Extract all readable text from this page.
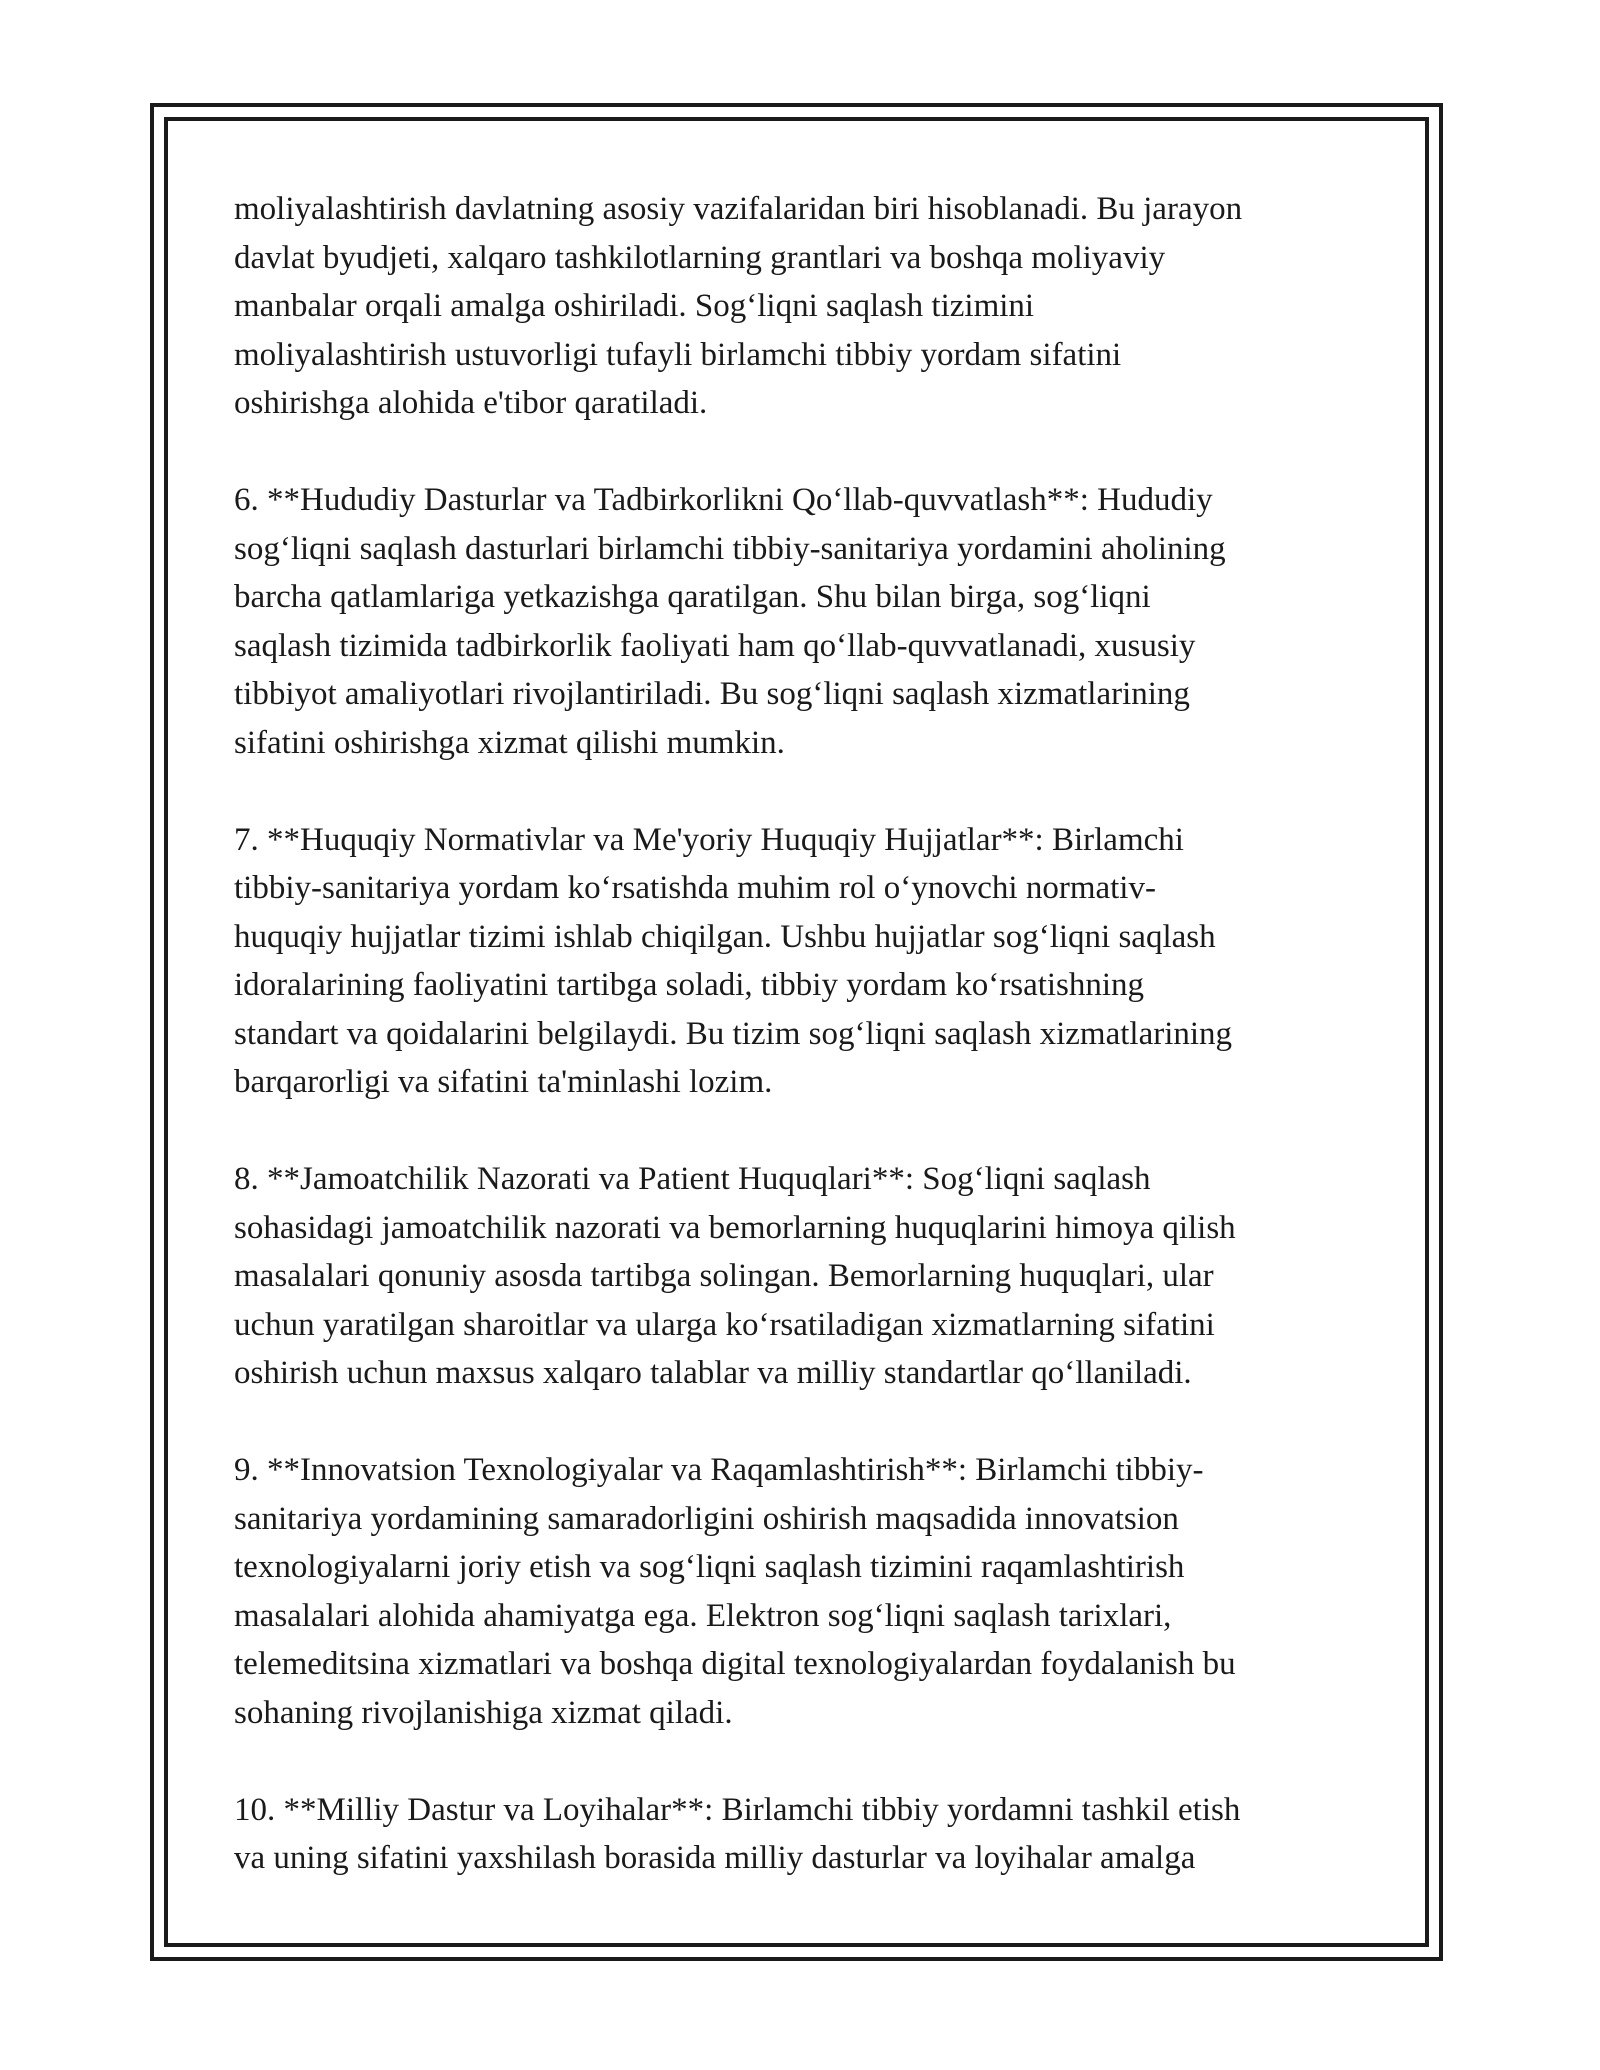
moliyalashtirish davlatning asosiy vazifalaridan biri hisoblanadi. Bu jarayon
davlat byudjeti, xalqaro tashkilotlarning grantlari va boshqa moliyaviy
manbalar orqali amalga oshiriladi. Sog‘liqni saqlash tizimini
moliyalashtirish ustuvorligi tufayli birlamchi tibbiy yordam sifatini
oshirishga alohida e'tibor qaratiladi.

6. **Hududiy Dasturlar va Tadbirkorlikni Qo‘llab-quvvatlash**: Hududiy
sog‘liqni saqlash dasturlari birlamchi tibbiy-sanitariya yordamini aholining
barcha qatlamlariga yetkazishga qaratilgan. Shu bilan birga, sog‘liqni
saqlash tizimida tadbirkorlik faoliyati ham qo‘llab-quvvatlanadi, xususiy
tibbiyot amaliyotlari rivojlantiriladi. Bu sog‘liqni saqlash xizmatlarining
sifatini oshirishga xizmat qilishi mumkin.

7. **Huquqiy Normativlar va Me'yoriy Huquqiy Hujjatlar**: Birlamchi
tibbiy-sanitariya yordam ko‘rsatishda muhim rol o‘ynovchi normativ-
huquqiy hujjatlar tizimi ishlab chiqilgan. Ushbu hujjatlar sog‘liqni saqlash
idoralarining faoliyatini tartibga soladi, tibbiy yordam ko‘rsatishning
standart va qoidalarini belgilaydi. Bu tizim sog‘liqni saqlash xizmatlarining
barqarorligi va sifatini ta'minlashi lozim.

8. **Jamoatchilik Nazorati va Patient Huquqlari**: Sog‘liqni saqlash
sohasidagi jamoatchilik nazorati va bemorlarning huquqlarini himoya qilish
masalalari qonuniy asosda tartibga solingan. Bemorlarning huquqlari, ular
uchun yaratilgan sharoitlar va ularga ko‘rsatiladigan xizmatlarning sifatini
oshirish uchun maxsus xalqaro talablar va milliy standartlar qo‘llaniladi.

9. **Innovatsion Texnologiyalar va Raqamlashtirish**: Birlamchi tibbiy-
sanitariya yordamining samaradorligini oshirish maqsadida innovatsion
texnologiyalarni joriy etish va sog‘liqni saqlash tizimini raqamlashtirish
masalalari alohida ahamiyatga ega. Elektron sog‘liqni saqlash tarixlari,
telemeditsina xizmatlari va boshqa digital texnologiyalardan foydalanish bu
sohaning rivojlanishiga xizmat qiladi.

10. **Milliy Dastur va Loyihalar**: Birlamchi tibbiy yordamni tashkil etish
va uning sifatini yaxshilash borasida milliy dasturlar va loyihalar amalga
